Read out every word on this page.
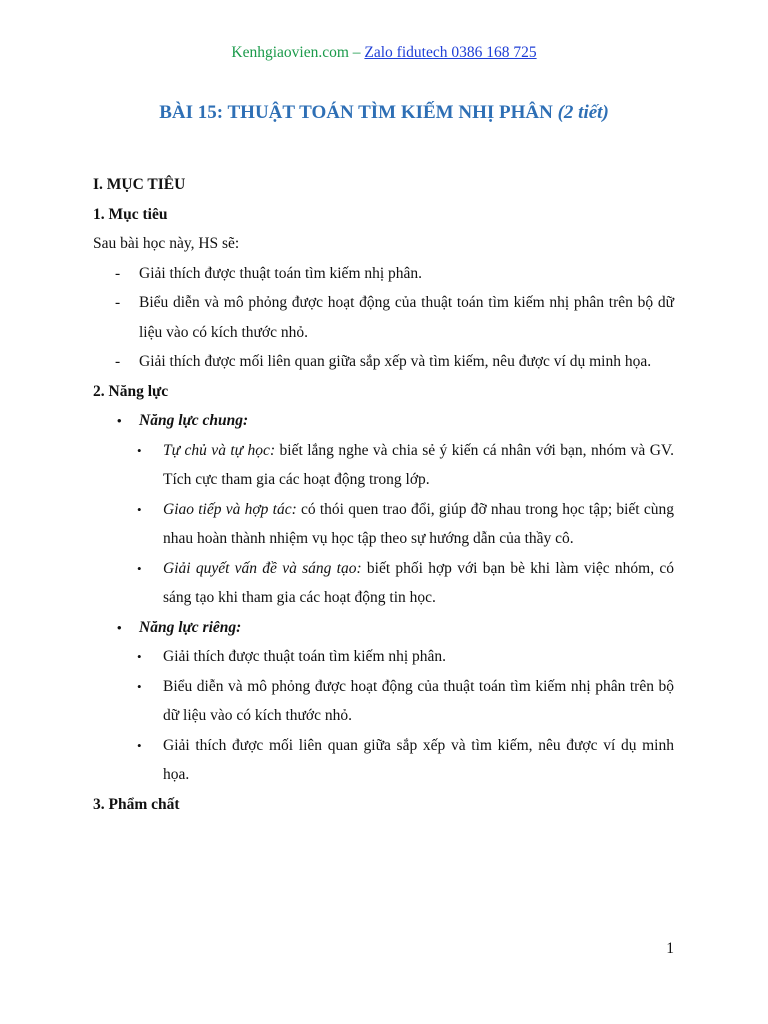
Kenhgiaovien.com – Zalo fidutech 0386 168 725
BÀI 15: THUẬT TOÁN TÌM KIẾM NHỊ PHÂN (2 tiết)

I. MỤC TIÊU

1. Mục tiêu

Sau bài học này, HS sẽ:

- Giải thích được thuật toán tìm kiếm nhị phân.

- Biểu diễn và mô phỏng được hoạt động của thuật toán tìm kiếm nhị phân trên bộ dữ liệu vào có kích thước nhỏ.

- Giải thích được mối liên quan giữa sắp xếp và tìm kiếm, nêu được ví dụ minh họa.

2. Năng lực

• Năng lực chung:

• Tự chủ và tự học: biết lắng nghe và chia sẻ ý kiến cá nhân với bạn, nhóm và GV. Tích cực tham gia các hoạt động trong lớp.

• Giao tiếp và hợp tác: có thói quen trao đổi, giúp đỡ nhau trong học tập; biết cùng nhau hoàn thành nhiệm vụ học tập theo sự hướng dẫn của thầy cô.

• Giải quyết vấn đề và sáng tạo: biết phối hợp với bạn bè khi làm việc nhóm, có sáng tạo khi tham gia các hoạt động tin học.

• Năng lực riêng:

• Giải thích được thuật toán tìm kiếm nhị phân.

• Biểu diễn và mô phỏng được hoạt động của thuật toán tìm kiếm nhị phân trên bộ dữ liệu vào có kích thước nhỏ.

• Giải thích được mối liên quan giữa sắp xếp và tìm kiếm, nêu được ví dụ minh họa.

3. Phẩm chất

1
